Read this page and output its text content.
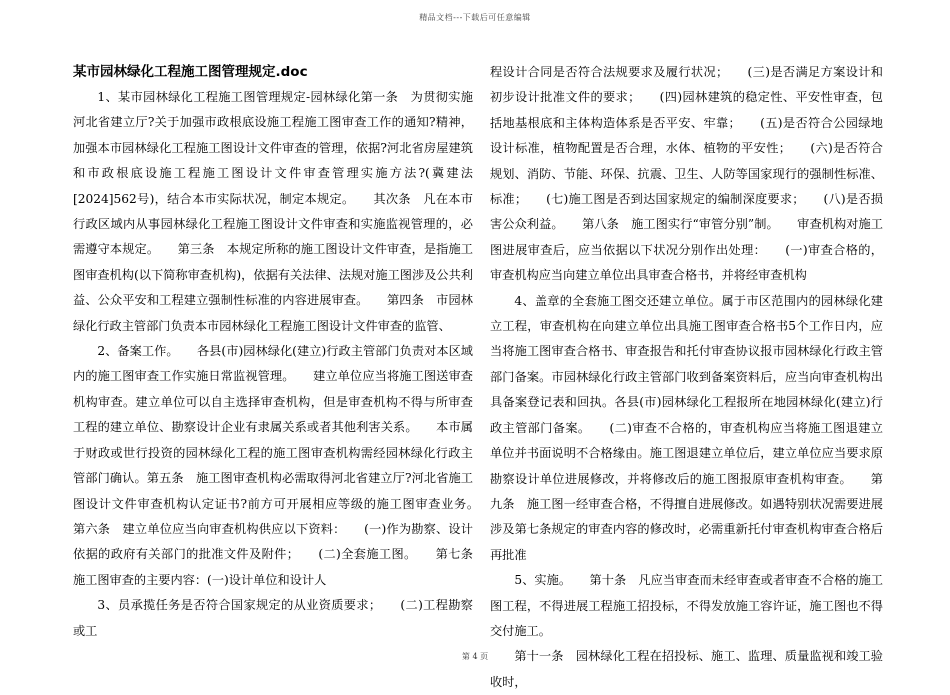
精品文档---下载后可任意编辑

某市园林绿化工程施工图管理规定.doc

1、某市园林绿化工程施工图管理规定-园林绿化第一条　为贯彻实施河北省建立厅?关于加强市政根底设施工程施工图审查工作的通知?精神，加强本市园林绿化工程施工图设计文件审查的管理，依据?河北省房屋建筑和市政根底设施工程施工图设计文件审查管理实施方法?(冀建法[2024]562号)，结合本市实际状况，制定本规定。　　其次条　凡在本市行政区域内从事园林绿化工程施工图设计文件审查和实施监视管理的，必需遵守本规定。　　第三条　本规定所称的施工图设计文件审查，是指施工图审查机构(以下简称审查机构)，依据有关法律、法规对施工图涉及公共利益、公众平安和工程建立强制性标准的内容进展审查。　　第四条　市园林绿化行政主管部门负责本市园林绿化工程施工图设计文件审查的监管、

2、备案工作。　　各县(市)园林绿化(建立)行政主管部门负责对本区域内的施工图审查工作实施日常监视管理。　　建立单位应当将施工图送审查机构审查。建立单位可以自主选择审查机构，但是审查机构不得与所审查工程的建立单位、勘察设计企业有隶属关系或者其他利害关系。　　本市属于财政或世行投资的园林绿化工程的施工图审查机构需经园林绿化行政主管部门确认。第五条　施工图审查机构必需取得河北省建立厅?河北省施工图设计文件审查机构认定证书?前方可开展相应等级的施工图审查业务。　　第六条　建立单位应当向审查机构供应以下资料：　　(一)作为勘察、设计依据的政府有关部门的批准文件及附件；　　(二)全套施工图。　　第七条　施工图审查的主要内容：(一)设计单位和设计人

3、员承揽任务是否符合国家规定的从业资质要求；　　(二)工程勘察或工

程设计合同是否符合法规要求及履行状况；　　(三)是否满足方案设计和初步设计批准文件的要求；　　(四)园林建筑的稳定性、平安性审查，包括地基根底和主体构造体系是否平安、牢靠；　　(五)是否符合公园绿地设计标准，植物配置是否合理，水体、植物的平安性；　　(六)是否符合规划、消防、节能、环保、抗震、卫生、人防等国家现行的强制性标准、标准；　　(七)施工图是否到达国家规定的编制深度要求；　　(八)是否损害公众利益。　　第八条　施工图实行“审管分别”制。　　审查机构对施工图进展审查后，应当依据以下状况分别作出处理：　　(一)审查合格的，审查机构应当向建立单位出具审查合格书，并将经审查机构

4、盖章的全套施工图交还建立单位。属于市区范围内的园林绿化建立工程，审查机构在向建立单位出具施工图审查合格书5个工作日内，应当将施工图审查合格书、审查报告和托付审查协议报市园林绿化行政主管部门备案。市园林绿化行政主管部门收到备案资料后，应当向审查机构出具备案登记表和回执。各县(市)园林绿化工程报所在地园林绿化(建立)行政主管部门备案。　　(二)审查不合格的，审查机构应当将施工图退建立单位并书面说明不合格缘由。施工图退建立单位后，建立单位应当要求原勘察设计单位进展修改，并将修改后的施工图报原审查机构审查。　　第九条　施工图一经审查合格，不得擅自进展修改。如遇特别状况需要进展涉及第七条规定的审查内容的修改时，必需重新托付审查机构审查合格后再批准

5、实施。　　第十条　凡应当审查而未经审查或者审查不合格的施工图工程，不得进展工程施工招投标，不得发放施工容许证，施工图也不得交付施工。

第十一条　园林绿化工程在招投标、施工、监理、质量监视和竣工验收时，

第 4 页
